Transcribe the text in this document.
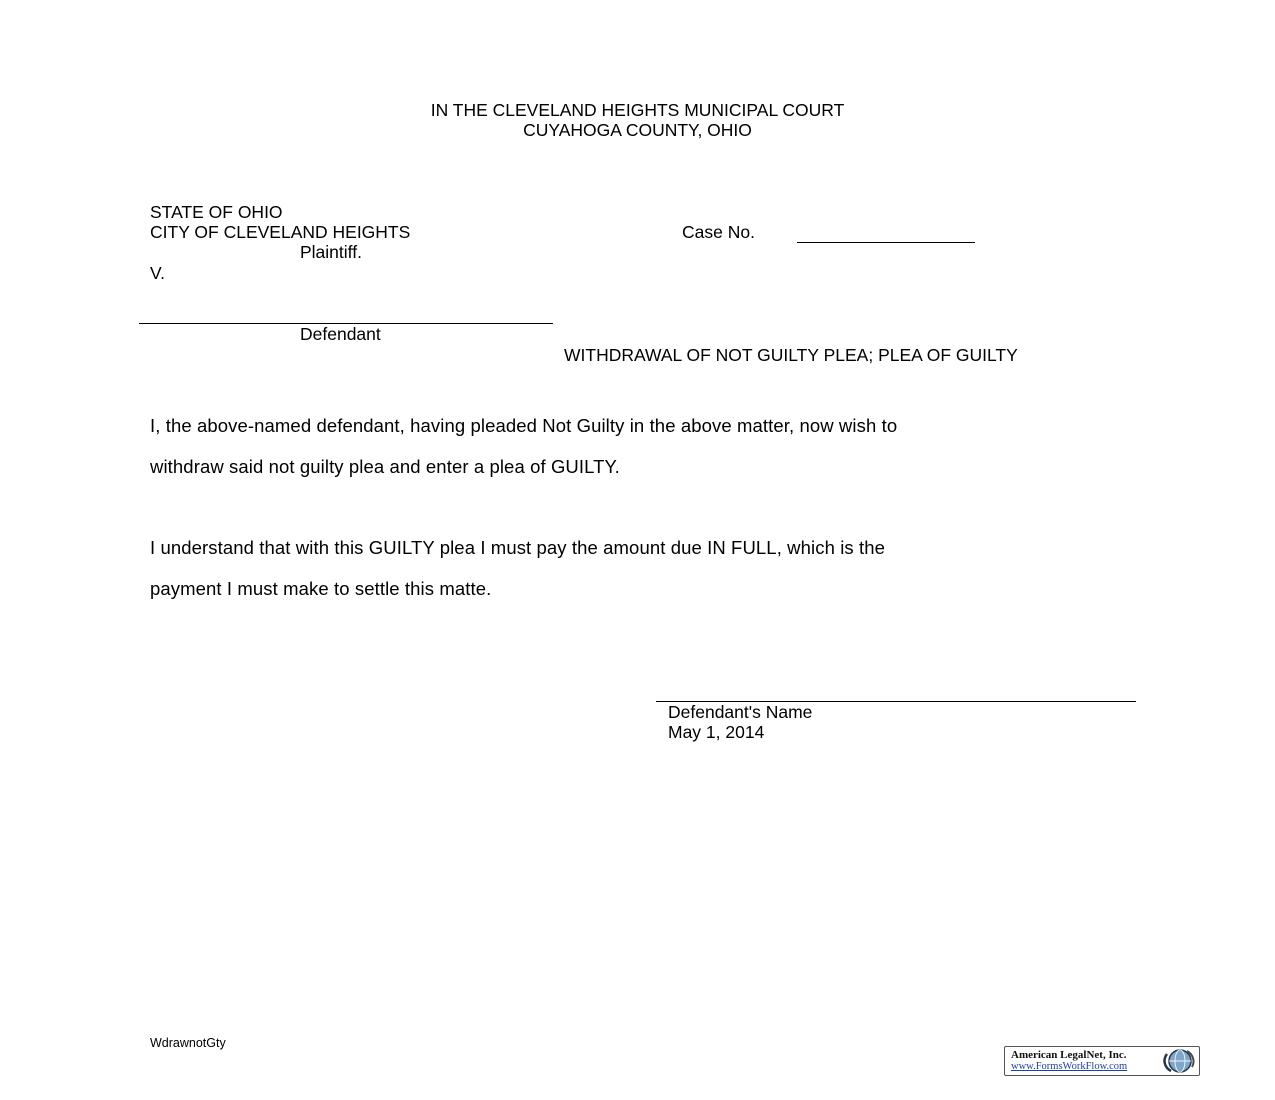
IN THE CLEVELAND HEIGHTS MUNICIPAL COURT
CUYAHOGA COUNTY, OHIO
STATE OF OHIO
CITY OF CLEVELAND HEIGHTS
Plaintiff.
V.
Defendant
Case No.
WITHDRAWAL OF NOT GUILTY PLEA; PLEA OF GUILTY
I, the above-named defendant, having pleaded Not Guilty in the above matter, now wish to
withdraw said not guilty plea and enter a plea of GUILTY.
I understand that with this GUILTY plea I must pay the amount due IN FULL, which is the
payment I must make to settle this matte.
Defendant's Name
May 1, 2014
WdrawnotGty
American LegalNet, Inc.
www.FormsWorkFlow.com
